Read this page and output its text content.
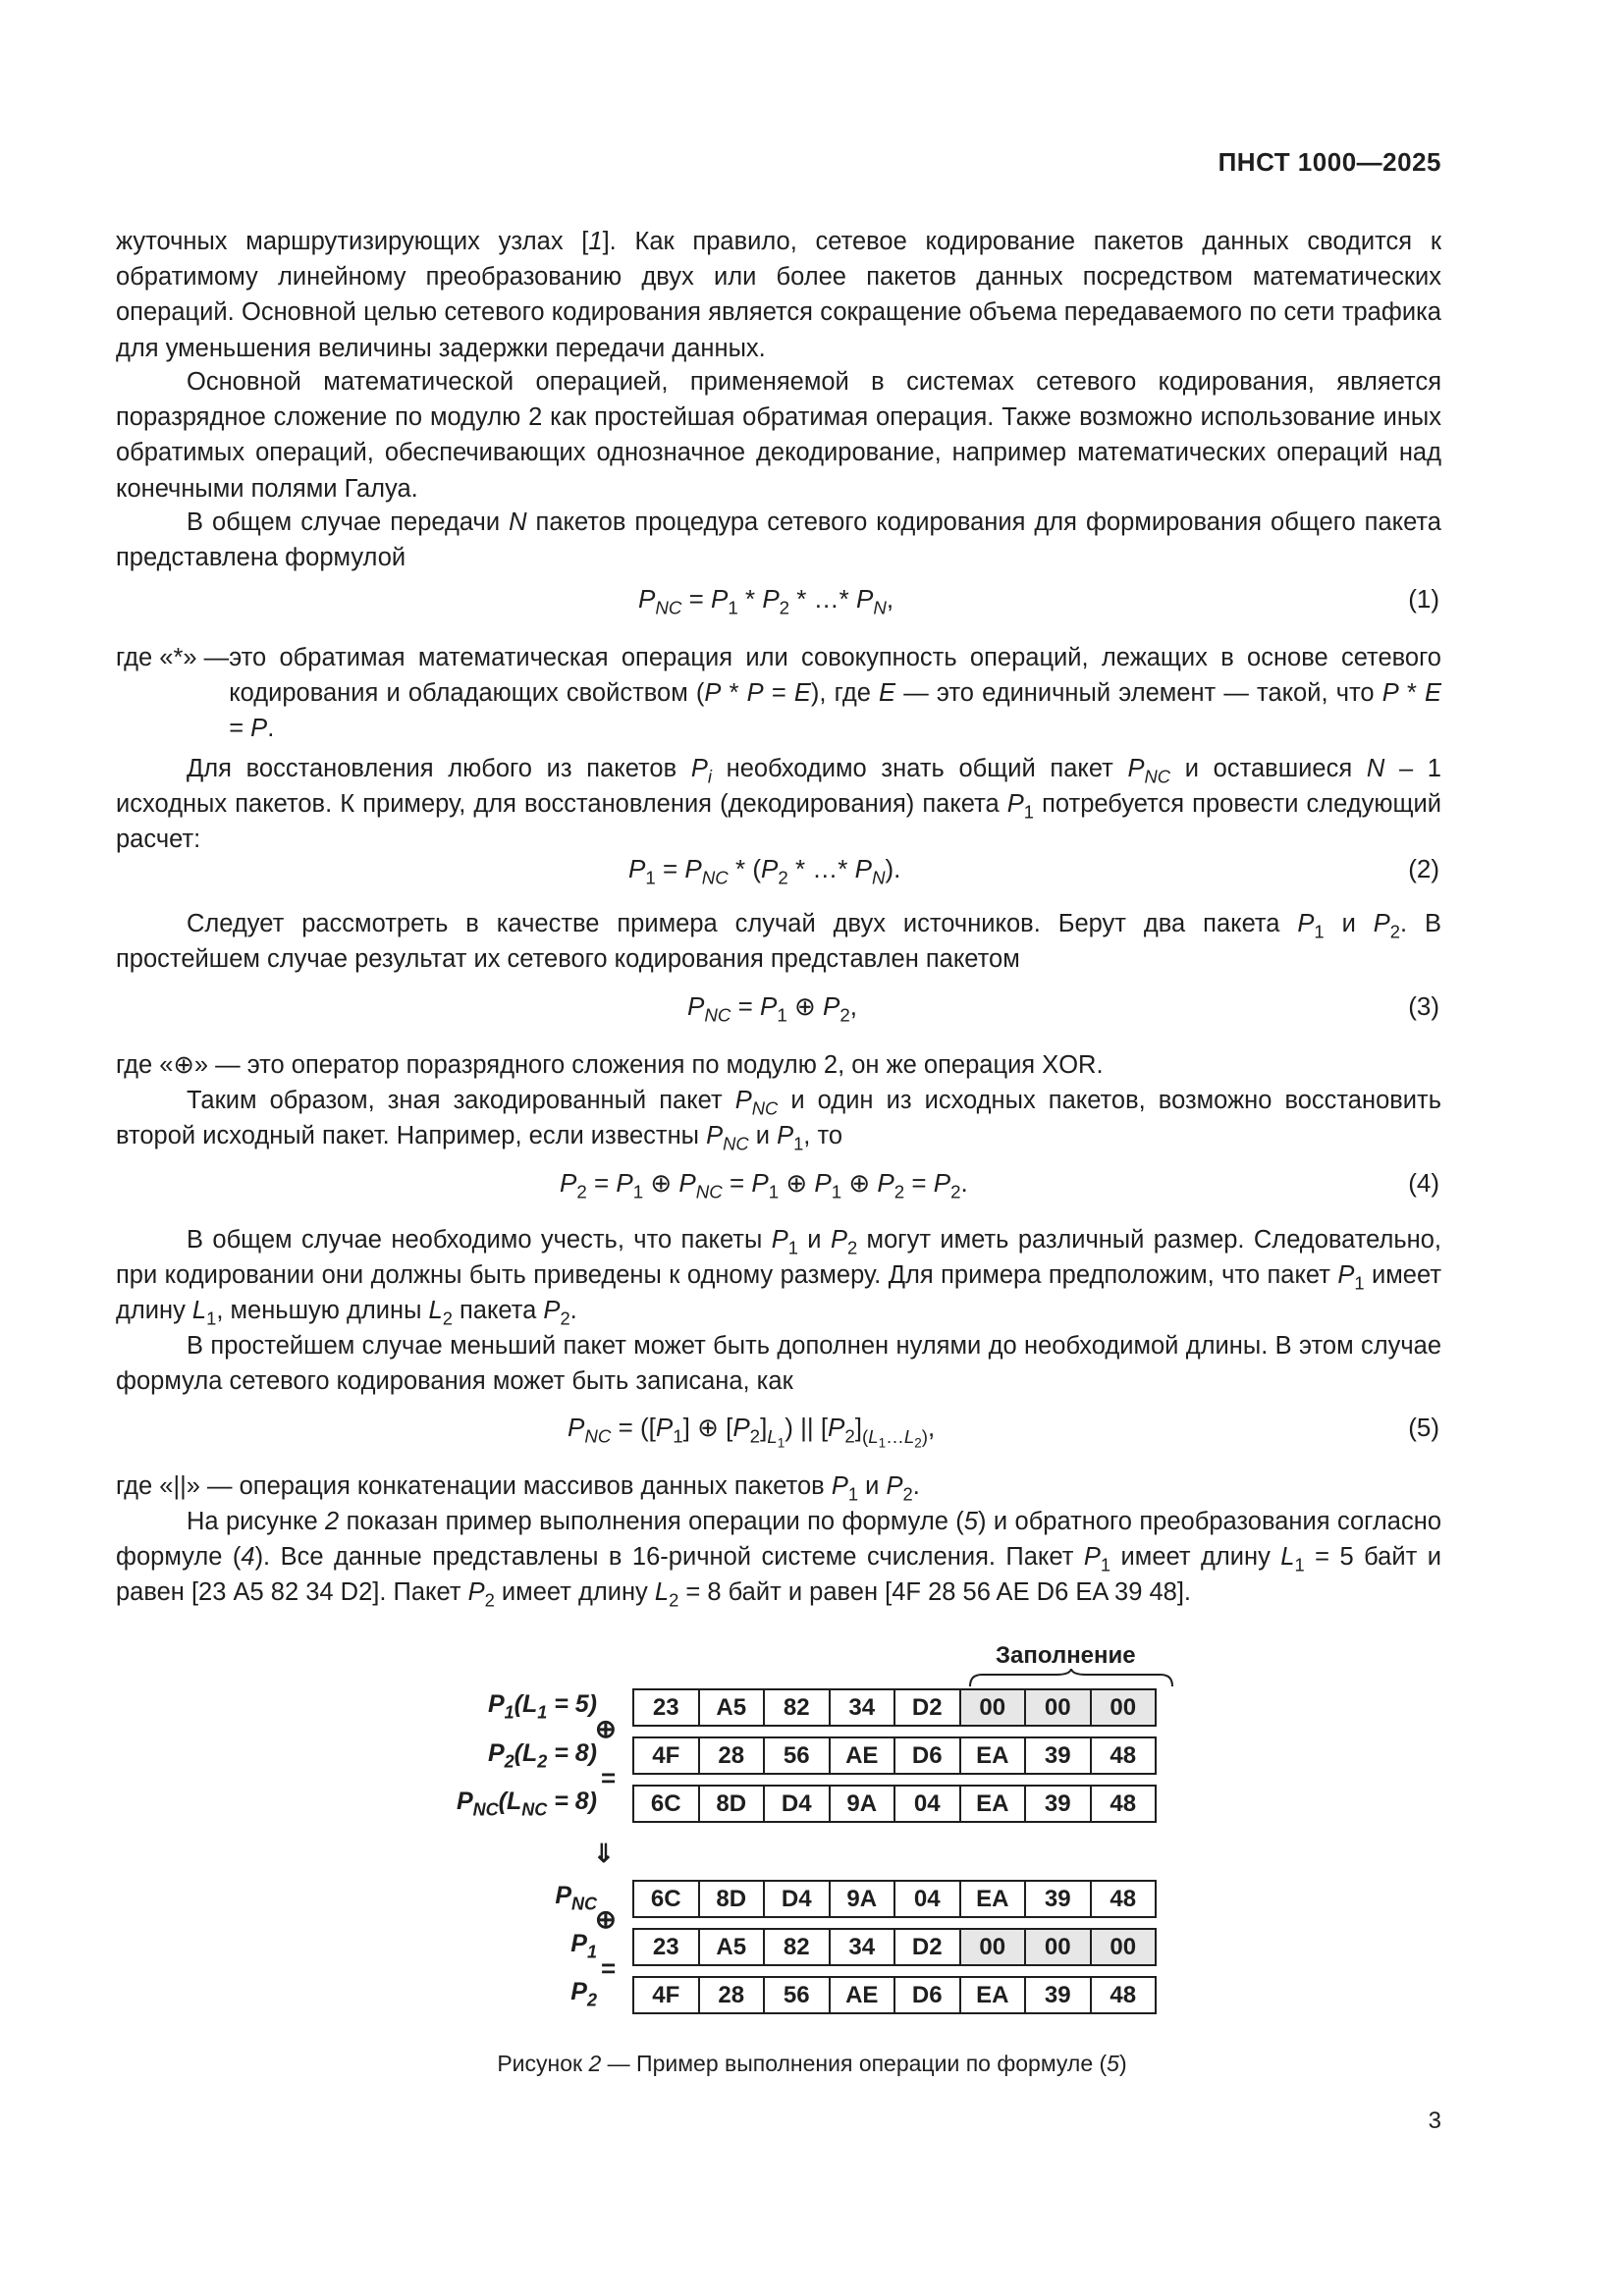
ПНСТ 1000—2025
жуточных маршрутизирующих узлах [1]. Как правило, сетевое кодирование пакетов данных сводится к обратимому линейному преобразованию двух или более пакетов данных посредством математических операций. Основной целью сетевого кодирования является сокращение объема передаваемого по сети трафика для уменьшения величины задержки передачи данных.
Основной математической операцией, применяемой в системах сетевого кодирования, является поразрядное сложение по модулю 2 как простейшая обратимая операция. Также возможно использование иных обратимых операций, обеспечивающих однозначное декодирование, например математических операций над конечными полями Галуа.
В общем случае передачи N пакетов процедура сетевого кодирования для формирования общего пакета представлена формулой
$P_{NC} = P_1 * P_2$ * …* $P_N$,	(1)
где «*» — это обратимая математическая операция или совокупность операций, лежащих в основе сетевого кодирования и обладающих свойством (P * P = E), где E — это единичный элемент — такой, что P * E = P.
Для восстановления любого из пакетов $P_i$ необходимо знать общий пакет $P_{NC}$ и оставшиеся N – 1 исходных пакетов. К примеру, для восстановления (декодирования) пакета $P_1$ потребуется провести следующий расчет:
$P_1 = P_{NC} * (P_2$ * …* $P_N$).	(2)
Следует рассмотреть в качестве примера случай двух источников. Берут два пакета $P_1$ и $P_2$. В простейшем случае результат их сетевого кодирования представлен пакетом
$P_{NC} = P_1$ ⊕ $P_2$,	(3)
где «⊕» — это оператор поразрядного сложения по модулю 2, он же операция XOR.
Таким образом, зная закодированный пакет $P_{NC}$ и один из исходных пакетов, возможно восстановить второй исходный пакет. Например, если известны $P_{NC}$ и $P_1$, то
$P_2 = P_1$ ⊕ $P_{NC} = P_1$ ⊕ $P_1$ ⊕ $P_2 = P_2$.	(4)
В общем случае необходимо учесть, что пакеты $P_1$ и $P_2$ могут иметь различный размер. Следовательно, при кодировании они должны быть приведены к одному размеру. Для примера предположим, что пакет $P_1$ имеет длину $L_1$, меньшую длины $L_2$ пакета $P_2$.
В простейшем случае меньший пакет может быть дополнен нулями до необходимой длины. В этом случае формула сетевого кодирования может быть записана, как
$P_{NC} = ([P_1]$ ⊕ $[P_2]_{L_1}$) || $[P_2]_{(L_1\dots L_2)}$,	(5)
где «||» — операция конкатенации массивов данных пакетов $P_1$ и $P_2$.
На рисунке 2 показан пример выполнения операции по формуле (5) и обратного преобразования согласно формуле (4). Все данные представлены в 16-ричной системе счисления. Пакет $P_1$ имеет длину $L_1 = 5$ байт и равен [23 A5 82 34 D2]. Пакет $P_2$ имеет длину $L_2 = 8$ байт и равен [4F 28 56 AE D6 EA 39 48].
Заполнение
$P_1(L_1 = 5)$
$P_2(L_2 = 8)$
$P_{NC}(L_{NC} = 8)$
⊕
=
23	A5	82	34	D2	00	00	00
4F	28	56	AE	D6	EA	39	48
6C	8D	D4	9A	04	EA	39	48
⇓
$P_{NC}$
$P_1$
$P_2$
⊕
=
6C	8D	D4	9A	04	EA	39	48
23	A5	82	34	D2	00	00	00
4F	28	56	AE	D6	EA	39	48
Рисунок 2 — Пример выполнения операции по формуле (5)
3
